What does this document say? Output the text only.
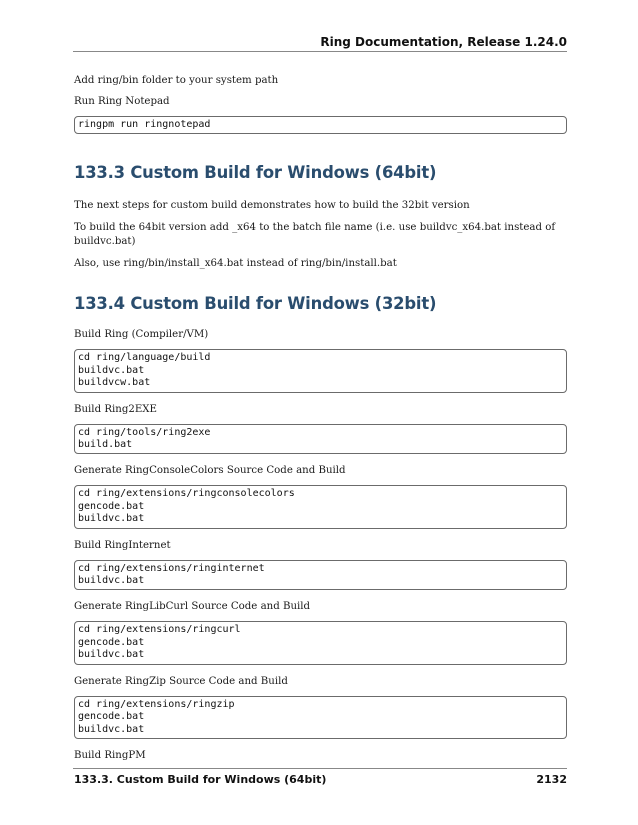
Ring Documentation, Release 1.24.0

Add ring/bin folder to your system path

Run Ring Notepad

ringpm run ringnotepad
133.3 Custom Build for Windows (64bit)

The next steps for custom build demonstrates how to build the 32bit version

To build the 64bit version add _x64 to the batch file name (i.e. use buildvc_x64.bat instead of buildvc.bat)

Also, use ring/bin/install_x64.bat instead of ring/bin/install.bat

133.4 Custom Build for Windows (32bit)

Build Ring (Compiler/VM)

cd ring/language/build
buildvc.bat
buildvcw.bat

Build Ring2EXE

cd ring/tools/ring2exe
build.bat

Generate RingConsoleColors Source Code and Build

cd ring/extensions/ringconsolecolors
gencode.bat
buildvc.bat

Build RingInternet

cd ring/extensions/ringinternet
buildvc.bat

Generate RingLibCurl Source Code and Build

cd ring/extensions/ringcurl
gencode.bat
buildvc.bat

Generate RingZip Source Code and Build

cd ring/extensions/ringzip
gencode.bat
buildvc.bat

Build RingPM

133.3. Custom Build for Windows (64bit)	2132
